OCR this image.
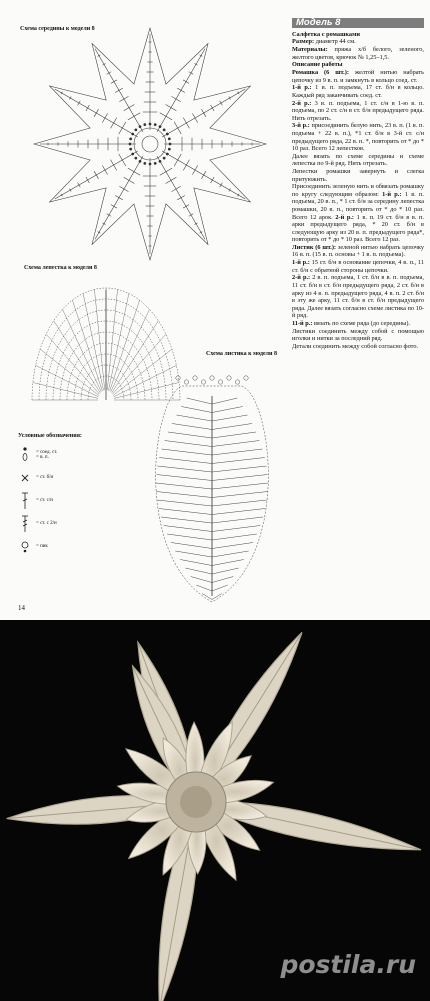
Схема середины к модели 8
Схема лепестка к модели 8
Схема листика к модели 8
Условные обозначения:
= соед. ст.
= в. п.
= ст. б/н
= ст. с/н
= ст. с 2/н
= пик
14
Модель 8

Салфетка с ромашками

Размер: диаметр 44 см.

Материалы: пряжа х/б белого, зеленого, желтого цветов, крючок № 1,25–1,5.

Описание работы

Ромашка (6 шт.): желтой нитью набрать цепочку из 9 в. п. и замкнуть в кольцо соед. ст.

1-й р.: 1 в. п. подъема, 17 ст. б/н в кольцо. Каждый ряд заканчивать соед. ст.

2-й р.: 3 в. п. подъема, 1 ст. с/н в 1-ю в. п. подъема, по 2 ст. с/н в ст. б/н предыдущего ряда. Нить отрезать.

3-й р.: присоединить белую нить, 23 в. п. (1 в. п. подъема + 22 в. п.), *1 ст. б/н в 3-й ст. с/н предыдущего ряда, 22 в. п. *, повторить от * до * 10 раз. Всего 12 лепестков.

Далее вязать по схеме середины и схеме лепестка по 9-й ряд. Нить отрезать.

Лепестки ромашки завернуть и слегка притуюжить.

Присоединить зеленую нить и обвязать ромашку по кругу следующим образом: 1-й р.: 1 в. п. подъема, 20 в. п., * 1 ст. б/н за середину лепестка ромашки, 20 в. п., повторить от * до * 10 раз. Всего 12 арок. 2-й р.: 1 в. п. 19 ст. б/н в в. п. арки предыдущего ряда, * 20 ст. б/н в следующую арку из 20 в. п. предыдущего ряда*, повторить от * до * 10 раз. Всего 12 раз.

Листик (6 шт.): зеленой нитью набрать цепочку 16 в. п. (15 в. п. основы + 1 в. п. подъема).

1-й р.: 15 ст. б/н в основание цепочки, 4 в. п., 11 ст. б/н с обратной стороны цепочки.

2-й р.: 2 в. п. подъема, 1 ст. б/н в в. п. подъема, 11 ст. б/н в ст. б/н предыдущего ряда, 2 ст. б/н в арку из 4 в. п. предыдущего ряда, 4 в. п. 2 ст. б/н в эту же арку, 11 ст. б/н в ст. б/н предыдущего ряда. Далее вязать согласно схеме листика по 10-й ряд.

11-й р.: вязать по схеме ряда (до середины).

Листики соединить между собой с помощью иголки и нитки за последний ряд.

Детали соединить между собой согласно фото.

postila.ru
